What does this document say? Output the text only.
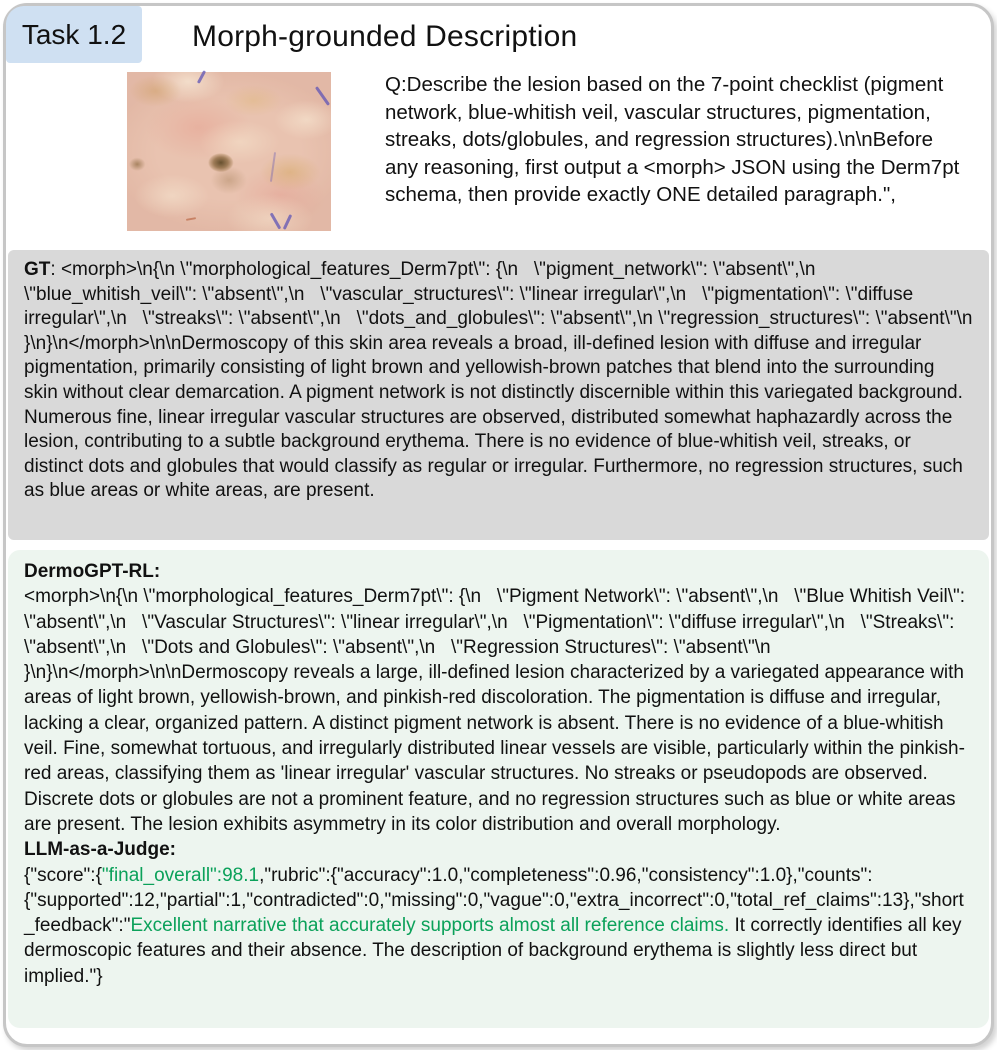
Task 1.2 Morph-grounded Description
Q:Describe the lesion based on the 7-point checklist (pigment network, blue-whitish veil, vascular structures, pigmentation, streaks, dots/globules, and regression structures).\n\nBefore any reasoning, first output a <morph> JSON using the Derm7pt schema, then provide exactly ONE detailed paragraph.",
GT: <morph>\n{\n \"morphological_features_Derm7pt\": {\n   \"pigment_network\": \"absent\",\n \"blue_whitish_veil\": \"absent\",\n   \"vascular_structures\": \"linear irregular\",\n   \"pigmentation\": \"diffuse irregular\",\n   \"streaks\": \"absent\",\n   \"dots_and_globules\": \"absent\",\n \"regression_structures\": \"absent\"\n  }\n}\n</morph>\n\nDermoscopy of this skin area reveals a broad, ill-defined lesion with diffuse and irregular pigmentation, primarily consisting of light brown and yellowish-brown patches that blend into the surrounding skin without clear demarcation. A pigment network is not distinctly discernible within this variegated background. Numerous fine, linear irregular vascular structures are observed, distributed somewhat haphazardly across the lesion, contributing to a subtle background erythema. There is no evidence of blue-whitish veil, streaks, or distinct dots and globules that would classify as regular or irregular. Furthermore, no regression structures, such as blue areas or white areas, are present.
DermoGPT-RL:
<morph>\n{\n \"morphological_features_Derm7pt\": {\n   \"Pigment Network\": \"absent\",\n   \"Blue Whitish Veil\": \"absent\",\n   \"Vascular Structures\": \"linear irregular\",\n   \"Pigmentation\": \"diffuse irregular\",\n   \"Streaks\": \"absent\",\n   \"Dots and Globules\": \"absent\",\n   \"Regression Structures\": \"absent\"\n  }\n}\n</morph>\n\nDermoscopy reveals a large, ill-defined lesion characterized by a variegated appearance with areas of light brown, yellowish-brown, and pinkish-red discoloration. The pigmentation is diffuse and irregular, lacking a clear, organized pattern. A distinct pigment network is absent. There is no evidence of a blue-whitish veil. Fine, somewhat tortuous, and irregularly distributed linear vessels are visible, particularly within the pinkish-red areas, classifying them as 'linear irregular' vascular structures. No streaks or pseudopods are observed. Discrete dots or globules are not a prominent feature, and no regression structures such as blue or white areas are present. The lesion exhibits asymmetry in its color distribution and overall morphology.
LLM-as-a-Judge:
{"score":{"final_overall":98.1,"rubric":{"accuracy":1.0,"completeness":0.96,"consistency":1.0},"counts":{"supported":12,"partial":1,"contradicted":0,"missing":0,"vague":0,"extra_incorrect":0,"total_ref_claims":13},"short_feedback":"Excellent narrative that accurately supports almost all reference claims. It correctly identifies all key dermoscopic features and their absence. The description of background erythema is slightly less direct but implied."}
